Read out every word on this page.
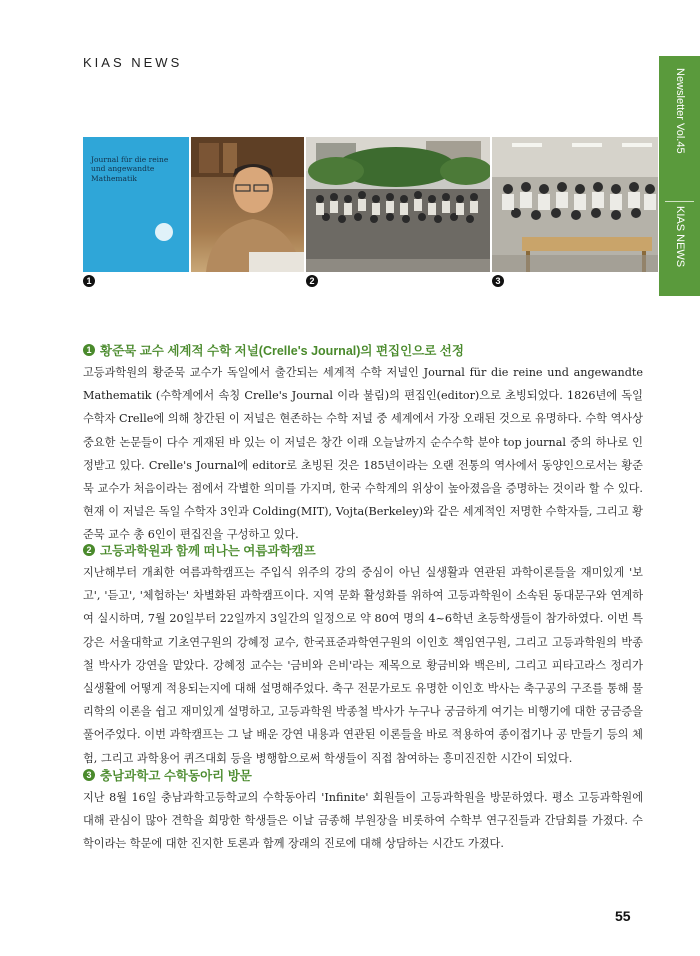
KIAS NEWS
Newsletter Vol.45
KIAS NEWS
Journal für die reine und angewandte Mathematik
1	2	3
1 황준묵 교수 세계적 수학 저널(Crelle's Journal)의 편집인으로 선정
고등과학원의 황준묵 교수가 독일에서 출간되는 세계적 수학 저널인 Journal für die reine und angewandte Mathematik (수학계에서 속칭 Crelle's Journal 이라 불림)의 편집인(editor)으로 초빙되었다. 1826년에 독일 수학자 Crelle에 의해 창간된 이 저널은 현존하는 수학 저널 중 세계에서 가장 오래된 것으로 유명하다. 수학 역사상 중요한 논문들이 다수 게재된 바 있는 이 저널은 창간 이래 오늘날까지 순수수학 분야 top journal 중의 하나로 인정받고 있다. Crelle's Journal에 editor로 초빙된 것은 185년이라는 오랜 전통의 역사에서 동양인으로서는 황준묵 교수가 처음이라는 점에서 각별한 의미를 가지며, 한국 수학계의 위상이 높아졌음을 증명하는 것이라 할 수 있다. 현재 이 저널은 독일 수학자 3인과 Colding(MIT), Vojta(Berkeley)와 같은 세계적인 저명한 수학자들, 그리고 황준묵 교수 총 6인이 편집진을 구성하고 있다.
2 고등과학원과 함께 떠나는 여름과학캠프
지난해부터 개최한 여름과학캠프는 주입식 위주의 강의 중심이 아닌 실생활과 연관된 과학이론들을 재미있게 '보고', '듣고', '체험하는' 차별화된 과학캠프이다. 지역 문화 활성화를 위하여 고등과학원이 소속된 동대문구와 연계하여 실시하며, 7월 20일부터 22일까지 3일간의 일정으로 약 80여 명의 4~6학년 초등학생들이 참가하였다. 이번 특강은 서울대학교 기초연구원의 강혜정 교수, 한국표준과학연구원의 이인호 책임연구원, 그리고 고등과학원의 박종철 박사가 강연을 맡았다. 강혜정 교수는 '금비와 은비'라는 제목으로 황금비와 백은비, 그리고 피타고라스 정리가 실생활에 어떻게 적용되는지에 대해 설명해주었다. 축구 전문가로도 유명한 이인호 박사는 축구공의 구조를 통해 물리학의 이론을 쉽고 재미있게 설명하고, 고등과학원 박종철 박사가 누구나 궁금하게 여기는 비행기에 대한 궁금증을 풀어주었다. 이번 과학캠프는 그 날 배운 강연 내용과 연관된 이론들을 바로 적용하여 종이접기나 공 만들기 등의 체험, 그리고 과학용어 퀴즈대회 등을 병행함으로써 학생들이 직접 참여하는 흥미진진한 시간이 되었다.
3 충남과학고 수학동아리 방문
지난 8월 16일 충남과학고등학교의 수학동아리 'Infinite' 회원들이 고등과학원을 방문하였다. 평소 고등과학원에 대해 관심이 많아 견학을 희망한 학생들은 이날 금종해 부원장을 비롯하여 수학부 연구진들과 간담회를 가졌다. 수학이라는 학문에 대한 진지한 토론과 함께 장래의 진로에 대해 상담하는 시간도 가졌다.
55
